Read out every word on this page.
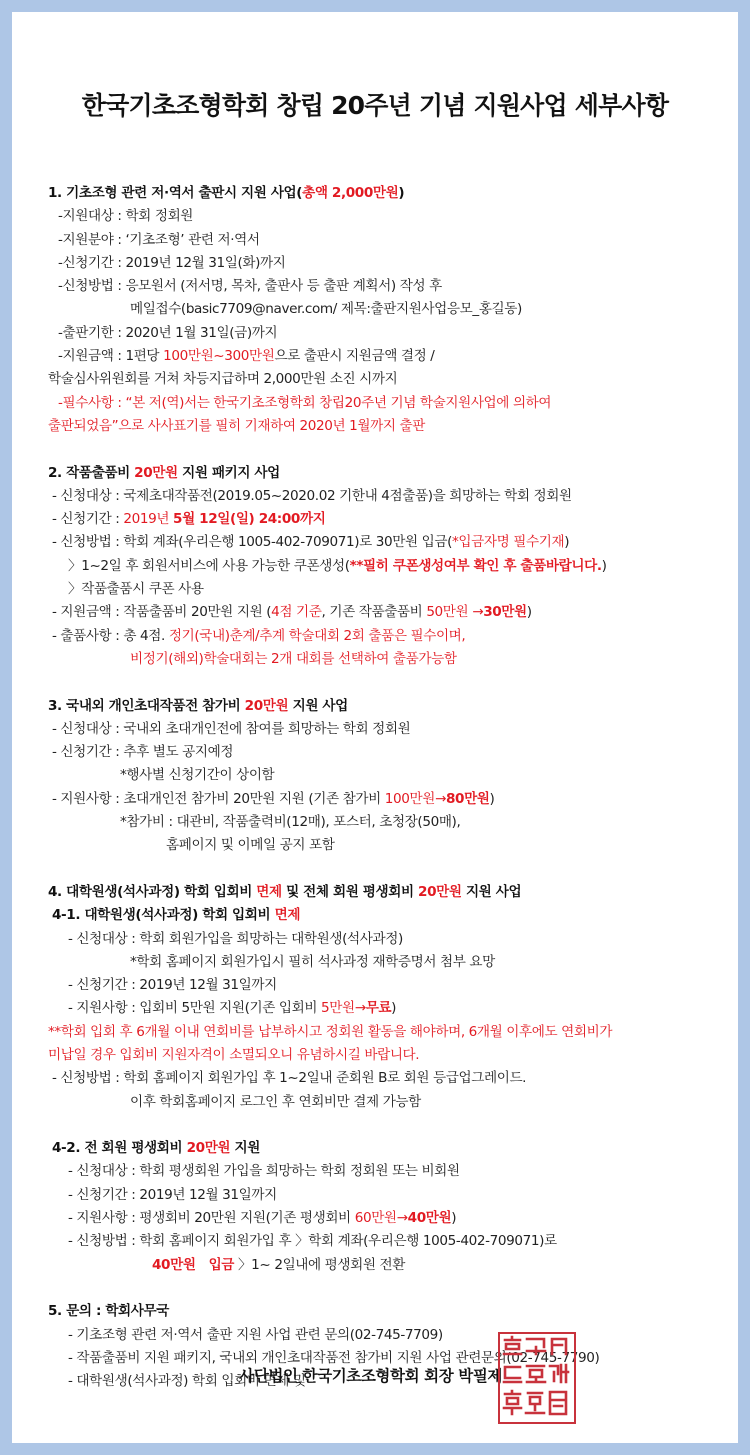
한국기초조형학회 창립 20주년 기념 지원사업 세부사항
1. 기초조형 관련 저·역서 출판시 지원 사업(총액 2,000만원)
-지원대상 : 학회 정회원
-지원분야 : ‘기초조형’ 관련 저·역서
-신청기간 : 2019년 12월 31일(화)까지
-신청방법 : 응모원서 (저서명, 목차, 출판사 등 출판 계획서) 작성 후
메일접수(basic7709@naver.com/ 제목:출판지원사업응모_홍길동)
-출판기한 : 2020년 1월 31일(금)까지
-지원금액 : 1편당 100만원~300만원으로 출판시 지원금액 결정 /
학술심사위원회를 거쳐 차등지급하며 2,000만원 소진 시까지
-필수사항 : “본 저(역)서는 한국기초조형학회 창립20주년 기념 학술지원사업에 의하여
출판되었음”으로 사사표기를 필히 기재하여 2020년 1월까지 출판
2. 작품출품비 20만원 지원 패키지 사업
- 신청대상 : 국제초대작품전(2019.05~2020.02 기한내 4점출품)을 희망하는 학회 정회원
- 신청기간 : 2019년 5월 12일(일) 24:00까지
- 신청방법 : 학회 계좌(우리은행 1005-402-709071)로 30만원 입금(*입금자명 필수기재)
〉1~2일 후 회원서비스에 사용 가능한 쿠폰생성(**필히 쿠폰생성여부 확인 후 출품바랍니다.)
〉작품출품시 쿠폰 사용
- 지원금액 : 작품출품비 20만원 지원 (4점 기준, 기존 작품출품비 50만원 →30만원)
- 출품사항 : 총 4점. 정기(국내)춘계/추계 학술대회 2회 출품은 필수이며,
비정기(해외)학술대회는 2개 대회를 선택하여 출품가능함
3. 국내외 개인초대작품전 참가비 20만원 지원 사업
- 신청대상 : 국내외 초대개인전에 참여를 희망하는 학회 정회원
- 신청기간 : 추후 별도 공지예정
*행사별 신청기간이 상이함
- 지원사항 : 초대개인전 참가비 20만원 지원 (기존 참가비 100만원→80만원)
*참가비 : 대관비, 작품출력비(12매), 포스터, 초청장(50매),
홈페이지 및 이메일 공지 포함
4. 대학원생(석사과정) 학회 입회비 면제 및 전체 회원 평생회비 20만원 지원 사업
4-1. 대학원생(석사과정) 학회 입회비 면제
- 신청대상 : 학회 회원가입을 희망하는 대학원생(석사과정)
*학회 홈페이지 회원가입시 필히 석사과정 재학증명서 첨부 요망
- 신청기간 : 2019년 12월 31일까지
- 지원사항 : 입회비 5만원 지원(기존 입회비 5만원→무료)
**학회 입회 후 6개월 이내 연회비를 납부하시고 정회원 활동을 해야하며, 6개월 이후에도 연회비가
미납일 경우 입회비 지원자격이 소멸되오니 유념하시길 바랍니다.
- 신청방법 : 학회 홈페이지 회원가입 후 1~2일내 준회원 B로 회원 등급업그레이드.
이후 학회홈페이지 로그인 후 연회비만 결제 가능함
4-2. 전 회원 평생회비 20만원 지원
- 신청대상 : 학회 평생회원 가입을 희망하는 학회 정회원 또는 비회원
- 신청기간 : 2019년 12월 31일까지
- 지원사항 : 평생회비 20만원 지원(기존 평생회비 60만원→40만원)
- 신청방법 : 학회 홈페이지 회원가입 후 〉학회 계좌(우리은행 1005-402-709071)로
40만원   입금 〉1~ 2일내에 평생회원 전환
5. 문의 : 학회사무국
- 기초조형 관련 저·역서 출판 지원 사업 관련 문의(02-745-7709)
- 작품출품비 지원 패키지, 국내외 개인초대작품전 참가비 지원 사업 관련문의(02-745-7790)
- 대학원생(석사과정) 학회 입회비 면제 및
사단법인 한국기초조형학회 회장 박필제
